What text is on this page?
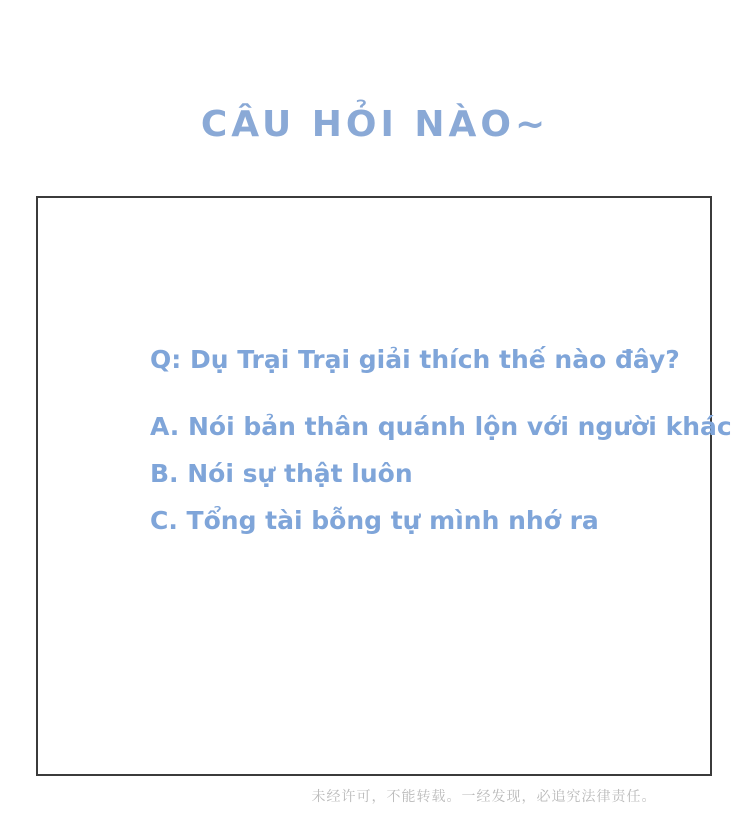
CÂU HỎI NÀO~
Q: Dụ Trại Trại giải thích thế nào đây?
A. Nói bản thân quánh lộn với người khác
B. Nói sự thật luôn
C. Tổng tài bỗng tự mình nhớ ra
未经许可，不能转载。一经发现，必追究法律责任。
